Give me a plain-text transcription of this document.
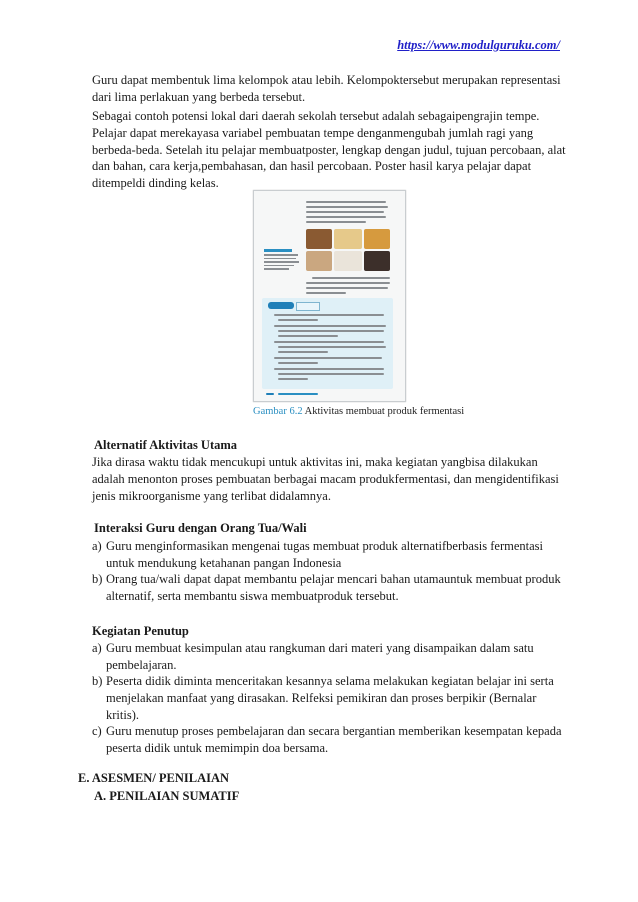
https://www.modulguruku.com/

Guru dapat membentuk lima kelompok atau lebih. Kelompoktersebut merupakan representasi dari lima perlakuan yang berbeda tersebut.

Sebagai contoh potensi lokal dari daerah sekolah tersebut adalah sebagaipengrajin tempe. Pelajar dapat merekayasa variabel pembuatan tempe denganmengubah jumlah ragi yang berbeda-beda. Setelah itu pelajar membuatposter, lengkap dengan judul, tujuan percobaan, alat dan bahan, cara kerja,pembahasan, dan hasil percobaan. Poster hasil karya pelajar dapat ditempeldi dinding kelas.

Gambar 6.2 Aktivitas membuat produk fermentasi

Alternatif Aktivitas Utama

Jika dirasa waktu tidak mencukupi untuk aktivitas ini, maka kegiatan yangbisa dilakukan adalah menonton proses pembuatan berbagai macam produkfermentasi, dan mengidentifikasi jenis mikroorganisme yang terlibat didalamnya.

Interaksi Guru dengan Orang Tua/Wali

a) Guru menginformasikan mengenai tugas membuat produk alternatifberbasis fermentasi untuk mendukung ketahanan pangan Indonesia
b) Orang tua/wali dapat dapat membantu pelajar mencari bahan utamauntuk membuat produk alternatif, serta membantu siswa membuatproduk tersebut.

Kegiatan Penutup

a) Guru membuat kesimpulan atau rangkuman dari materi yang disampaikan dalam satu pembelajaran.
b) Peserta didik diminta menceritakan kesannya selama melakukan kegiatan belajar ini serta menjelakan manfaat yang dirasakan. Relfeksi pemikiran dan proses berpikir (Bernalar kritis).
c) Guru menutup proses pembelajaran dan secara bergantian memberikan kesempatan kepada peserta didik untuk memimpin doa bersama.
E. ASESMEN/ PENILAIAN
A. PENILAIAN SUMATIF
